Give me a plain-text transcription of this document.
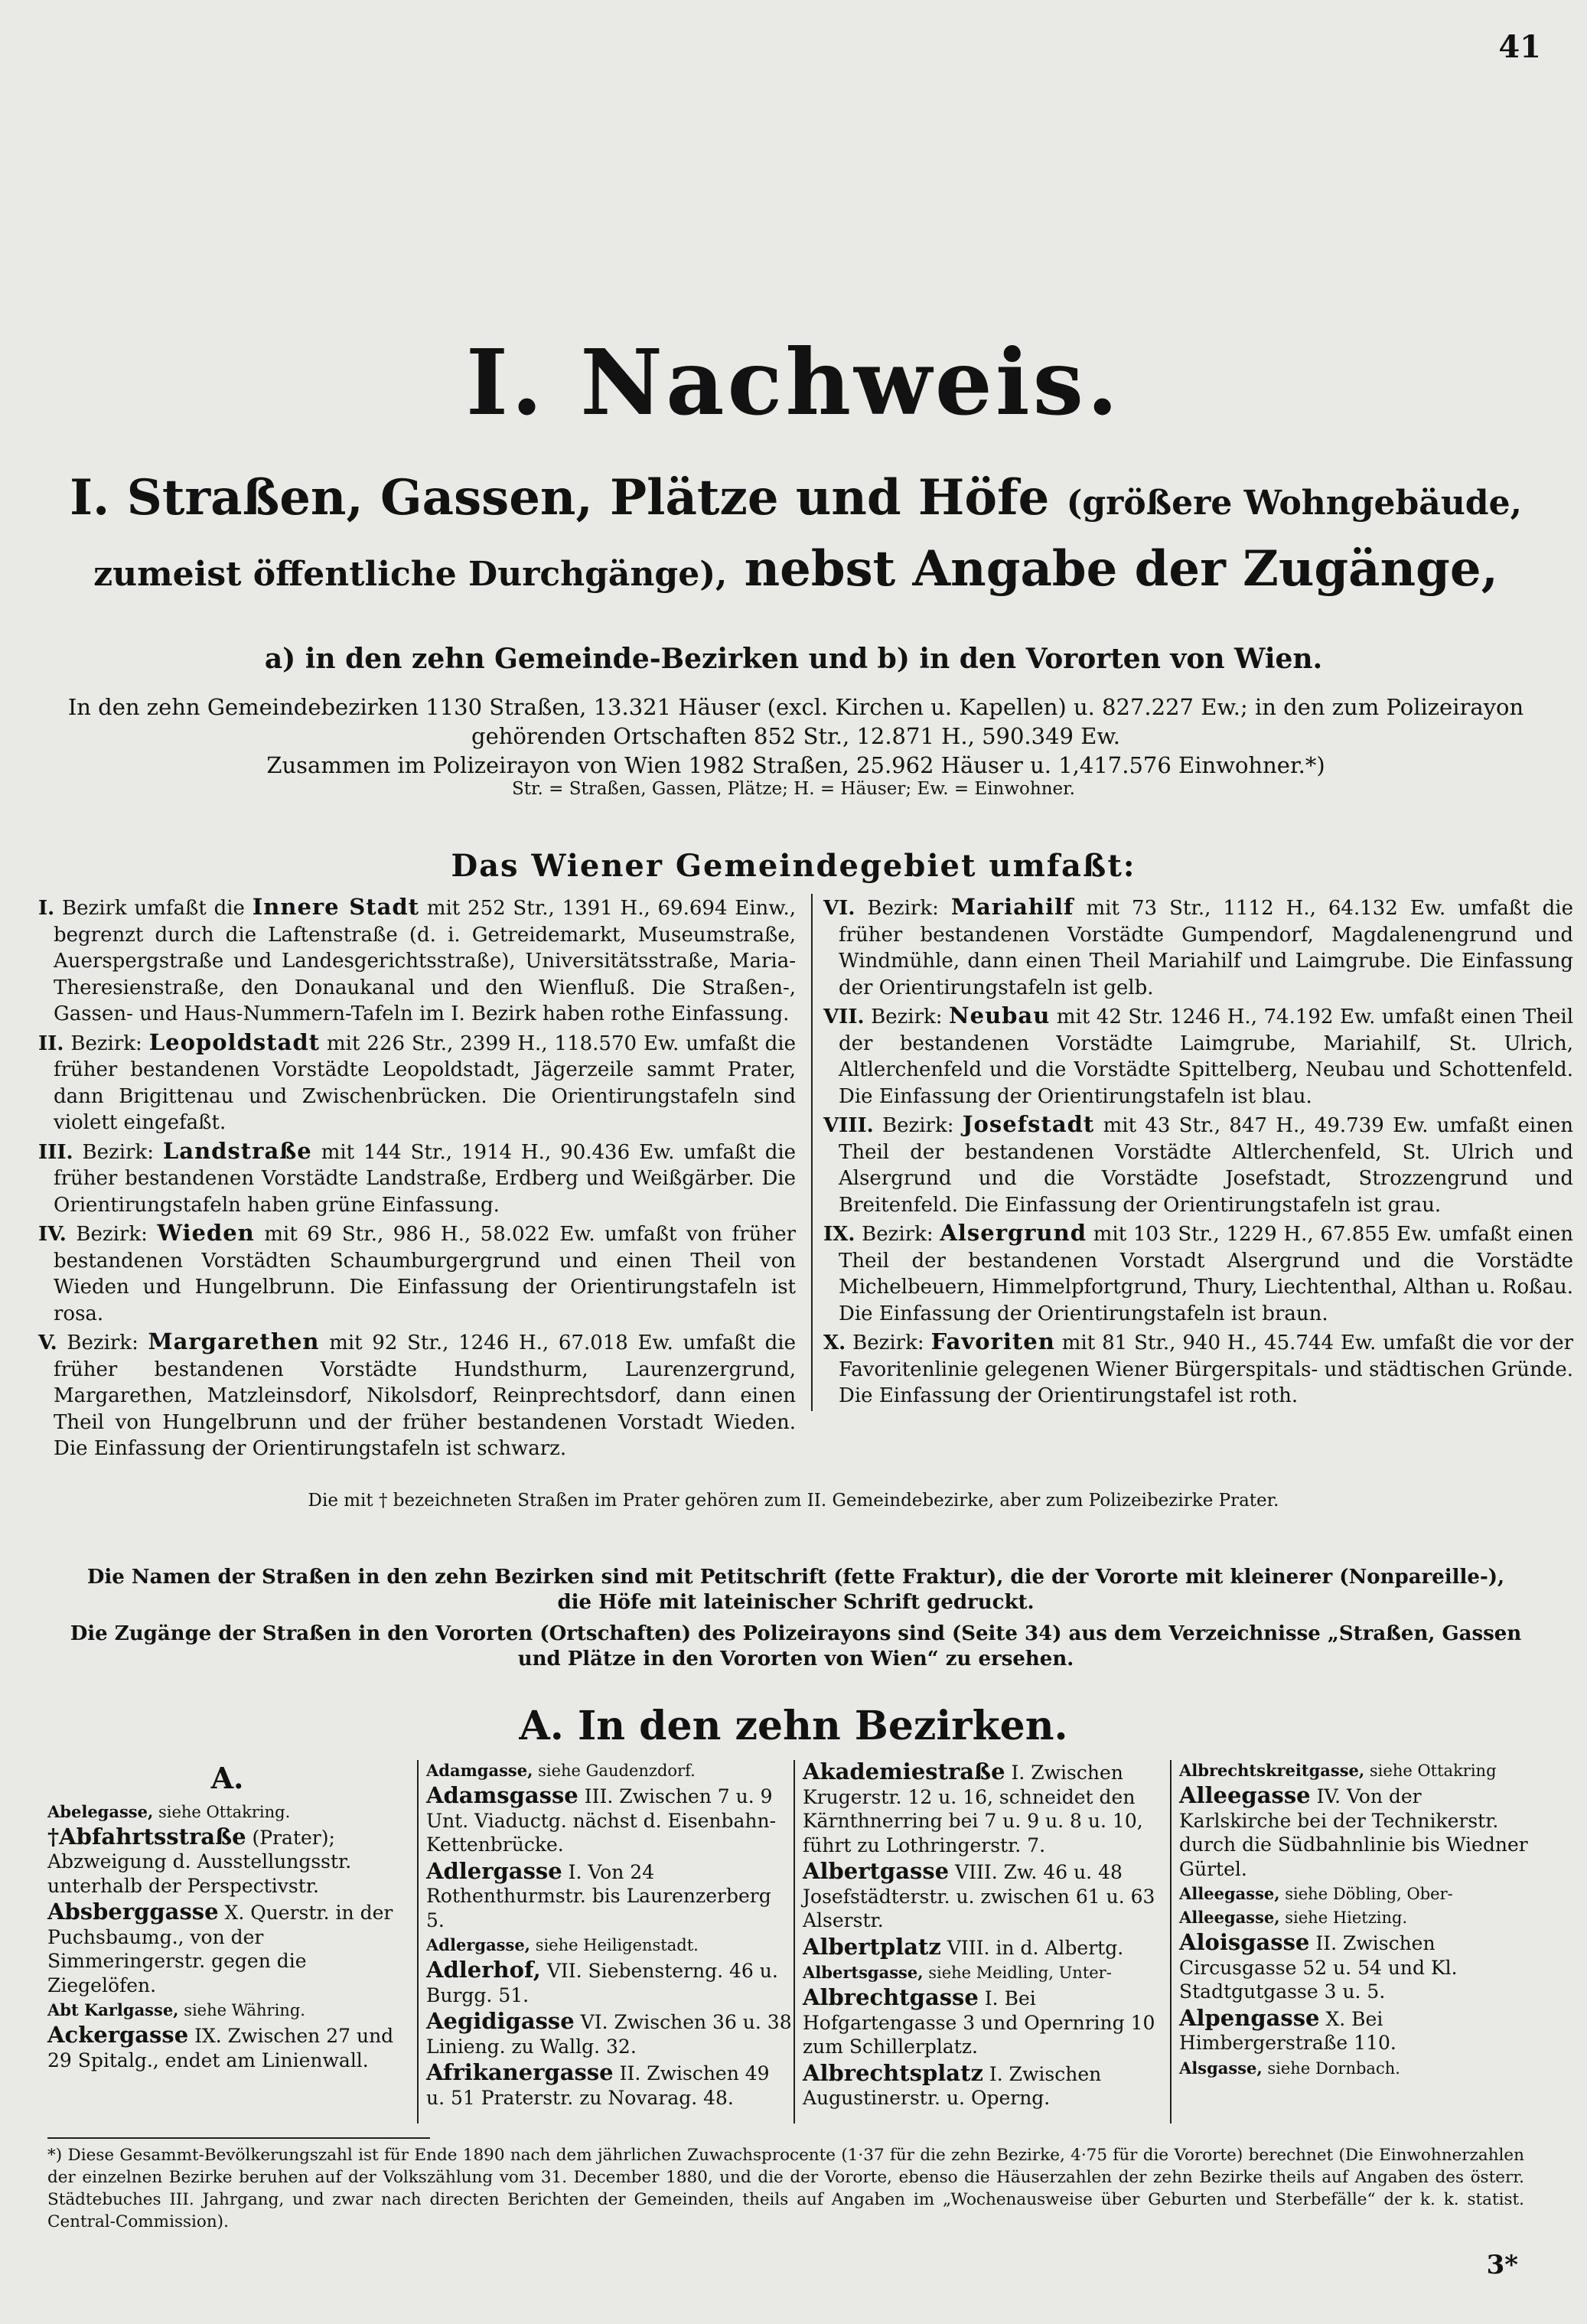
41
I. Nachweis.
I. Straßen, Gassen, Plätze und Höfe (größere Wohngebäude, zumeist öffentliche Durchgänge), nebst Angabe der Zugänge,
a) in den zehn Gemeinde-Bezirken und b) in den Vororten von Wien.
In den zehn Gemeindebezirken 1130 Straßen, 13.321 Häuser (excl. Kirchen u. Kapellen) u. 827.227 Ew.; in den zum Polizeirayon gehörenden Ortschaften 852 Str., 12.871 H., 590.349 Ew.
Zusammen im Polizeirayon von Wien 1982 Straßen, 25.962 Häuser u. 1,417.576 Einwohner.*)
Str. = Straßen, Gassen, Plätze; H. = Häuser; Ew. = Einwohner.
Das Wiener Gemeindegebiet umfaßt:

I. Bezirk umfaßt die Innere Stadt mit 252 Str., 1391 H., 69.694 Einw., begrenzt durch die Laftenstraße (d. i. Getreidemarkt, Museumstraße, Auerspergstraße und Landesgerichtsstraße), Universitätsstraße, Maria-Theresienstraße, den Donaukanal und den Wienfluß. Die Straßen-, Gassen- und Haus-Nummern-Tafeln im I. Bezirk haben rothe Einfassung.

II. Bezirk: Leopoldstadt mit 226 Str., 2399 H., 118.570 Ew. umfaßt die früher bestandenen Vorstädte Leopoldstadt, Jägerzeile sammt Prater, dann Brigittenau und Zwischenbrücken. Die Orientirungstafeln sind violett eingefaßt.

III. Bezirk: Landstraße mit 144 Str., 1914 H., 90.436 Ew. umfaßt die früher bestandenen Vorstädte Landstraße, Erdberg und Weißgärber. Die Orientirungstafeln haben grüne Einfassung.

IV. Bezirk: Wieden mit 69 Str., 986 H., 58.022 Ew. umfaßt von früher bestandenen Vorstädten Schaumburgergrund und einen Theil von Wieden und Hungelbrunn. Die Einfassung der Orientirungstafeln ist rosa.

V. Bezirk: Margarethen mit 92 Str., 1246 H., 67.018 Ew. umfaßt die früher bestandenen Vorstädte Hundsthurm, Laurenzergrund, Margarethen, Matzleinsdorf, Nikolsdorf, Reinprechtsdorf, dann einen Theil von Hungelbrunn und der früher bestandenen Vorstadt Wieden. Die Einfassung der Orientirungstafeln ist schwarz.

VI. Bezirk: Mariahilf mit 73 Str., 1112 H., 64.132 Ew. umfaßt die früher bestandenen Vorstädte Gumpendorf, Magdalenengrund und Windmühle, dann einen Theil Mariahilf und Laimgrube. Die Einfassung der Orientirungstafeln ist gelb.

VII. Bezirk: Neubau mit 42 Str. 1246 H., 74.192 Ew. umfaßt einen Theil der bestandenen Vorstädte Laimgrube, Mariahilf, St. Ulrich, Altlerchenfeld und die Vorstädte Spittelberg, Neubau und Schottenfeld. Die Einfassung der Orientirungstafeln ist blau.

VIII. Bezirk: Josefstadt mit 43 Str., 847 H., 49.739 Ew. umfaßt einen Theil der bestandenen Vorstädte Altlerchenfeld, St. Ulrich und Alsergrund und die Vorstädte Josefstadt, Strozzengrund und Breitenfeld. Die Einfassung der Orientirungstafeln ist grau.

IX. Bezirk: Alsergrund mit 103 Str., 1229 H., 67.855 Ew. umfaßt einen Theil der bestandenen Vorstadt Alsergrund und die Vorstädte Michelbeuern, Himmelpfortgrund, Thury, Liechtenthal, Althan u. Roßau. Die Einfassung der Orientirungstafeln ist braun.

X. Bezirk: Favoriten mit 81 Str., 940 H., 45.744 Ew. umfaßt die vor der Favoritenlinie gelegenen Wiener Bürgerspitals- und städtischen Gründe. Die Einfassung der Orientirungstafel ist roth.

Die mit † bezeichneten Straßen im Prater gehören zum II. Gemeindebezirke, aber zum Polizeibezirke Prater.

Die Namen der Straßen in den zehn Bezirken sind mit Petitschrift (fette Fraktur), die der Vororte mit kleinerer (Nonpareille-), die Höfe mit lateinischer Schrift gedruckt.

Die Zugänge der Straßen in den Vororten (Ortschaften) des Polizeirayons sind (Seite 34) aus dem Verzeichnisse „Straßen, Gassen und Plätze in den Vororten von Wien“ zu ersehen.

A. In den zehn Bezirken.
A.
Abelegasse, siehe Ottakring.
†Abfahrtsstraße (Prater); Abzweigung d. Ausstellungsstr. unterhalb der Perspectivstr.
Absberggasse X. Querstr. in der Puchsbaumg., von der Simmeringerstr. gegen die Ziegelöfen.
Abt Karlgasse, siehe Währing.
Ackergasse IX. Zwischen 27 und 29 Spitalg., endet am Linienwall.
Adamgasse, siehe Gaudenzdorf.
Adamsgasse III. Zwischen 7 u. 9 Unt. Viaductg. nächst d. Eisenbahn-Kettenbrücke.
Adlergasse I. Von 24 Rothenthurmstr. bis Laurenzerberg 5.
Adlergasse, siehe Heiligenstadt.
Adlerhof, VII. Siebensterng. 46 u. Burgg. 51.
Aegidigasse VI. Zwischen 36 u. 38 Linieng. zu Wallg. 32.
Afrikanergasse II. Zwischen 49 u. 51 Praterstr. zu Novarag. 48.
Akademiestraße I. Zwischen Krugerstr. 12 u. 16, schneidet den Kärnthnerring bei 7 u. 9 u. 8 u. 10, führt zu Lothringerstr. 7.
Albertgasse VIII. Zw. 46 u. 48 Josefstädterstr. u. zwischen 61 u. 63 Alserstr.
Albertplatz VIII. in d. Albertg.
Albertsgasse, siehe Meidling, Unter-
Albrechtgasse I. Bei Hofgartengasse 3 und Opernring 10 zum Schillerplatz.
Albrechtsplatz I. Zwischen Augustinerstr. u. Operng.
Albrechtskreitgasse, siehe Ottakring
Alleegasse IV. Von der Karlskirche bei der Technikerstr. durch die Südbahnlinie bis Wiedner Gürtel.
Alleegasse, siehe Döbling, Ober-
Alleegasse, siehe Hietzing.
Aloisgasse II. Zwischen Circusgasse 52 u. 54 und Kl. Stadtgutgasse 3 u. 5.
Alpengasse X. Bei Himbergerstraße 110.
Alsgasse, siehe Dornbach.
*) Diese Gesammt-Bevölkerungszahl ist für Ende 1890 nach dem jährlichen Zuwachsprocente (1·37 für die zehn Bezirke, 4·75 für die Vororte) berechnet (Die Einwohnerzahlen der einzelnen Bezirke beruhen auf der Volkszählung vom 31. December 1880, und die der Vororte, ebenso die Häuserzahlen der zehn Bezirke theils auf Angaben des österr. Städtebuches III. Jahrgang, und zwar nach directen Berichten der Gemeinden, theils auf Angaben im „Wochenausweise über Geburten und Sterbefälle“ der k. k. statist. Central-Commission).
3*
